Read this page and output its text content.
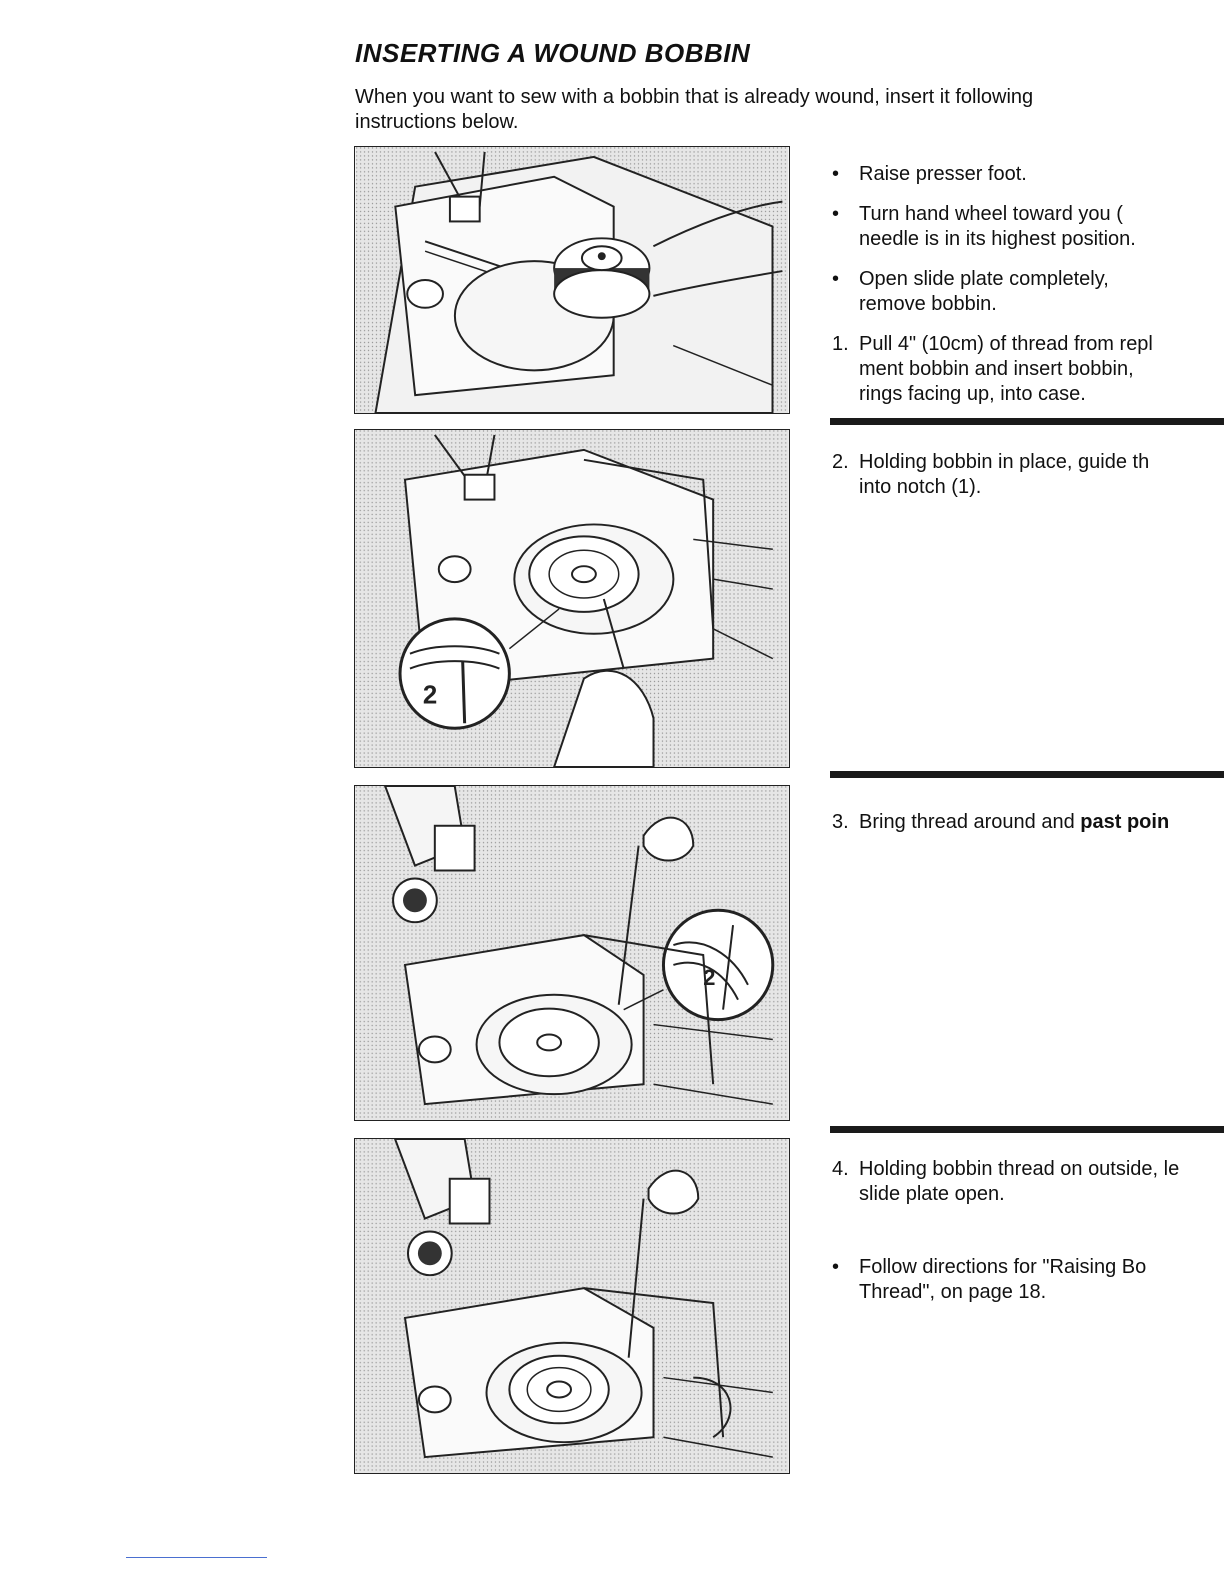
INSERTING A WOUND BOBBIN

When you want to sew with a bobbin that is already wound, insert it following
instructions below.

1
2
2
• Raise presser foot.
• Turn hand wheel toward you (
needle is in its highest position.
• Open slide plate completely,
remove bobbin.
1. Pull 4" (10cm) of thread from repl
ment bobbin and insert bobbin,
rings facing up, into case.
2. Holding bobbin in place, guide th
into notch (1).
3. Bring thread around and past poin
4. Holding bobbin thread on outside, le
slide plate open.
• Follow directions for "Raising Bo
Thread", on page 18.
